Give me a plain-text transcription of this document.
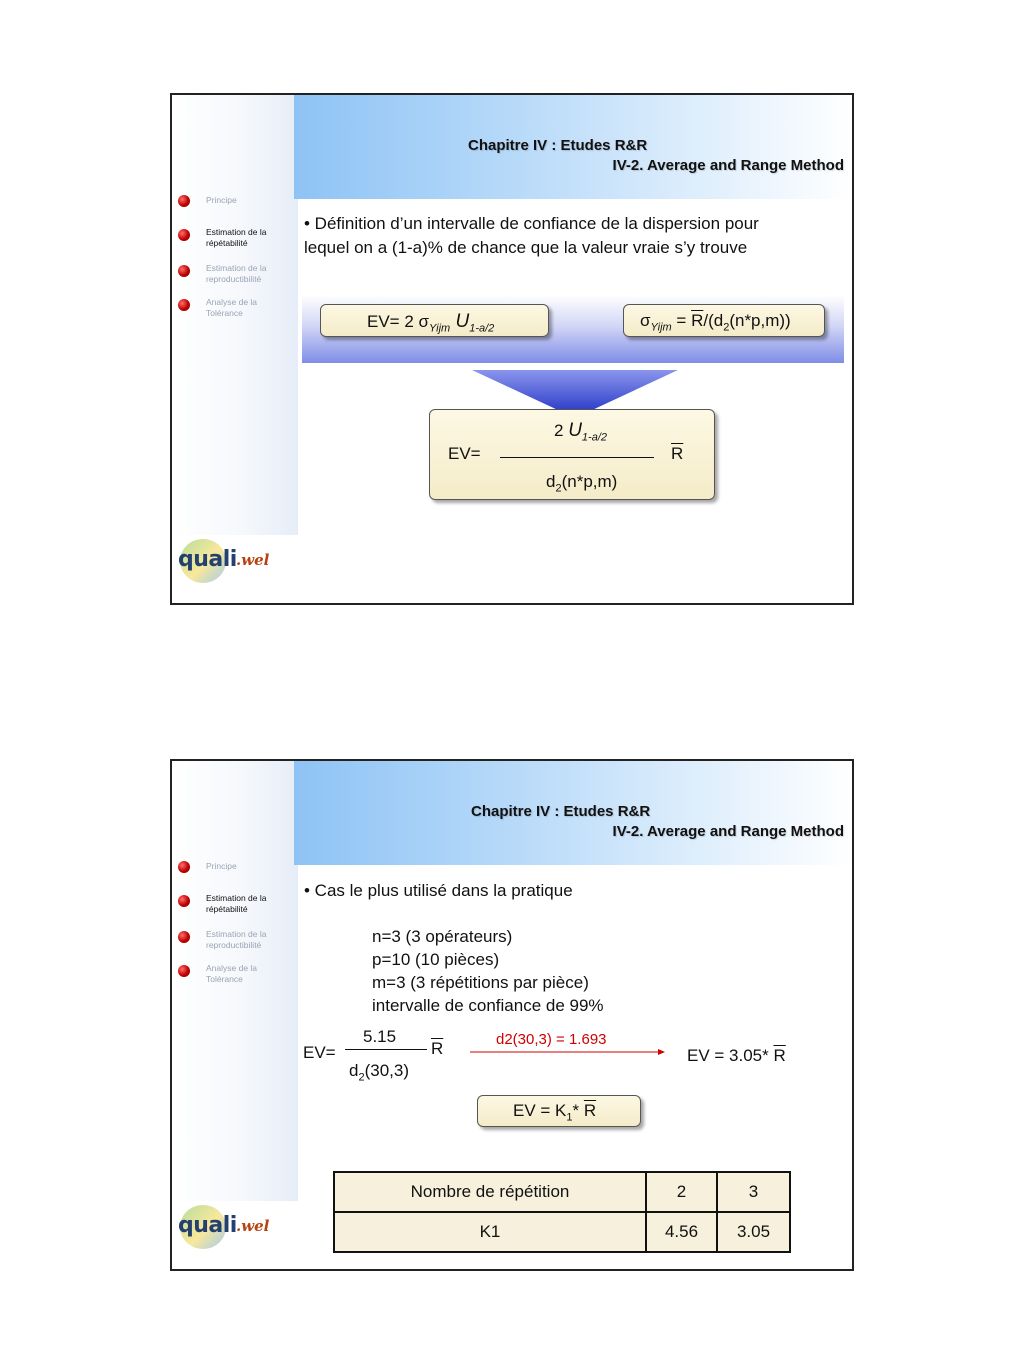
Chapitre IV : Etudes R&R
IV-2. Average and Range Method
Principe
Estimation de la
répétabilité
Estimation de la
reproductibilité
Analyse de la
Tolérance
quali .wel
• Définition d’un intervalle de confiance de la dispersion pour
lequel on a (1-a)% de chance que la valeur vraie s’y trouve
EV= 2 $\sigma_{Yijm}$ $U_{1-a/2}$	$\sigma_{Yijm} = \overline{R}/(d_2(n*p,m))$
2 $U_{1-a/2}$
EV=	$\overline{R}$
$d_2(n*p,m)$
Chapitre IV : Etudes R&R
IV-2. Average and Range Method
Principe
Estimation de la
répétabilité
Estimation de la
reproductibilité
Analyse de la
Tolérance
quali .wel
• Cas le plus utilisé dans la pratique
n=3 (3 opérateurs)
p=10 (10 pièces)
m=3 (3 répétitions par pièce)
intervalle de confiance de 99%
5.15
EV=	$\overline{R}$
$d_2(30,3)$
d2(30,3) = 1.693
EV = 3.05* $\overline{R}$
EV = $K_1*$ $\overline{R}$
Nombre de répétition	2	3
K1	4.56	3.05
